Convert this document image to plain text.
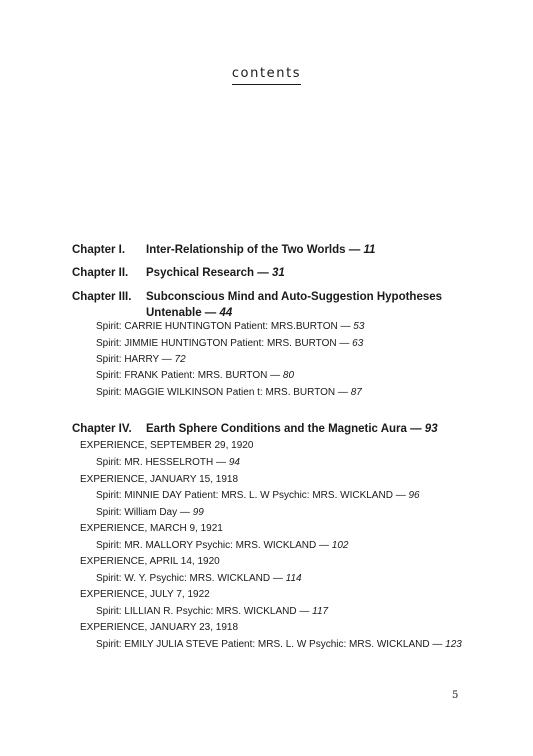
contents
Chapter I.	Inter-Relationship of the Two Worlds — 11
Chapter II.	Psychical Research — 31
Chapter III.	Subconscious Mind and Auto-Suggestion Hypotheses Untenable — 44
Spirit: CARRIE HUNTINGTON Patient: MRS.BURTON — 53
Spirit: JIMMIE HUNTINGTON Patient: MRS. BURTON — 63
Spirit: HARRY — 72
Spirit: FRANK Patient: MRS. BURTON — 80
Spirit: MAGGIE WILKINSON Patien t: MRS. BURTON — 87
Chapter IV.	Earth Sphere Conditions and the Magnetic Aura — 93
EXPERIENCE, SEPTEMBER 29, 1920
Spirit: MR. HESSELROTH — 94
EXPERIENCE, JANUARY 15, 1918
Spirit: MINNIE DAY Patient: MRS. L. W Psychic: MRS. WICKLAND — 96
Spirit: William Day — 99
EXPERIENCE, MARCH 9, 1921
Spirit: MR. MALLORY Psychic: MRS. WICKLAND — 102
EXPERIENCE, APRIL 14, 1920
Spirit: W. Y. Psychic: MRS. WICKLAND — 114
EXPERIENCE, JULY 7, 1922
Spirit: LILLIAN R. Psychic: MRS. WICKLAND — 117
EXPERIENCE, JANUARY 23, 1918
Spirit: EMILY JULIA STEVE Patient: MRS. L. W Psychic: MRS. WICKLAND — 123
5
